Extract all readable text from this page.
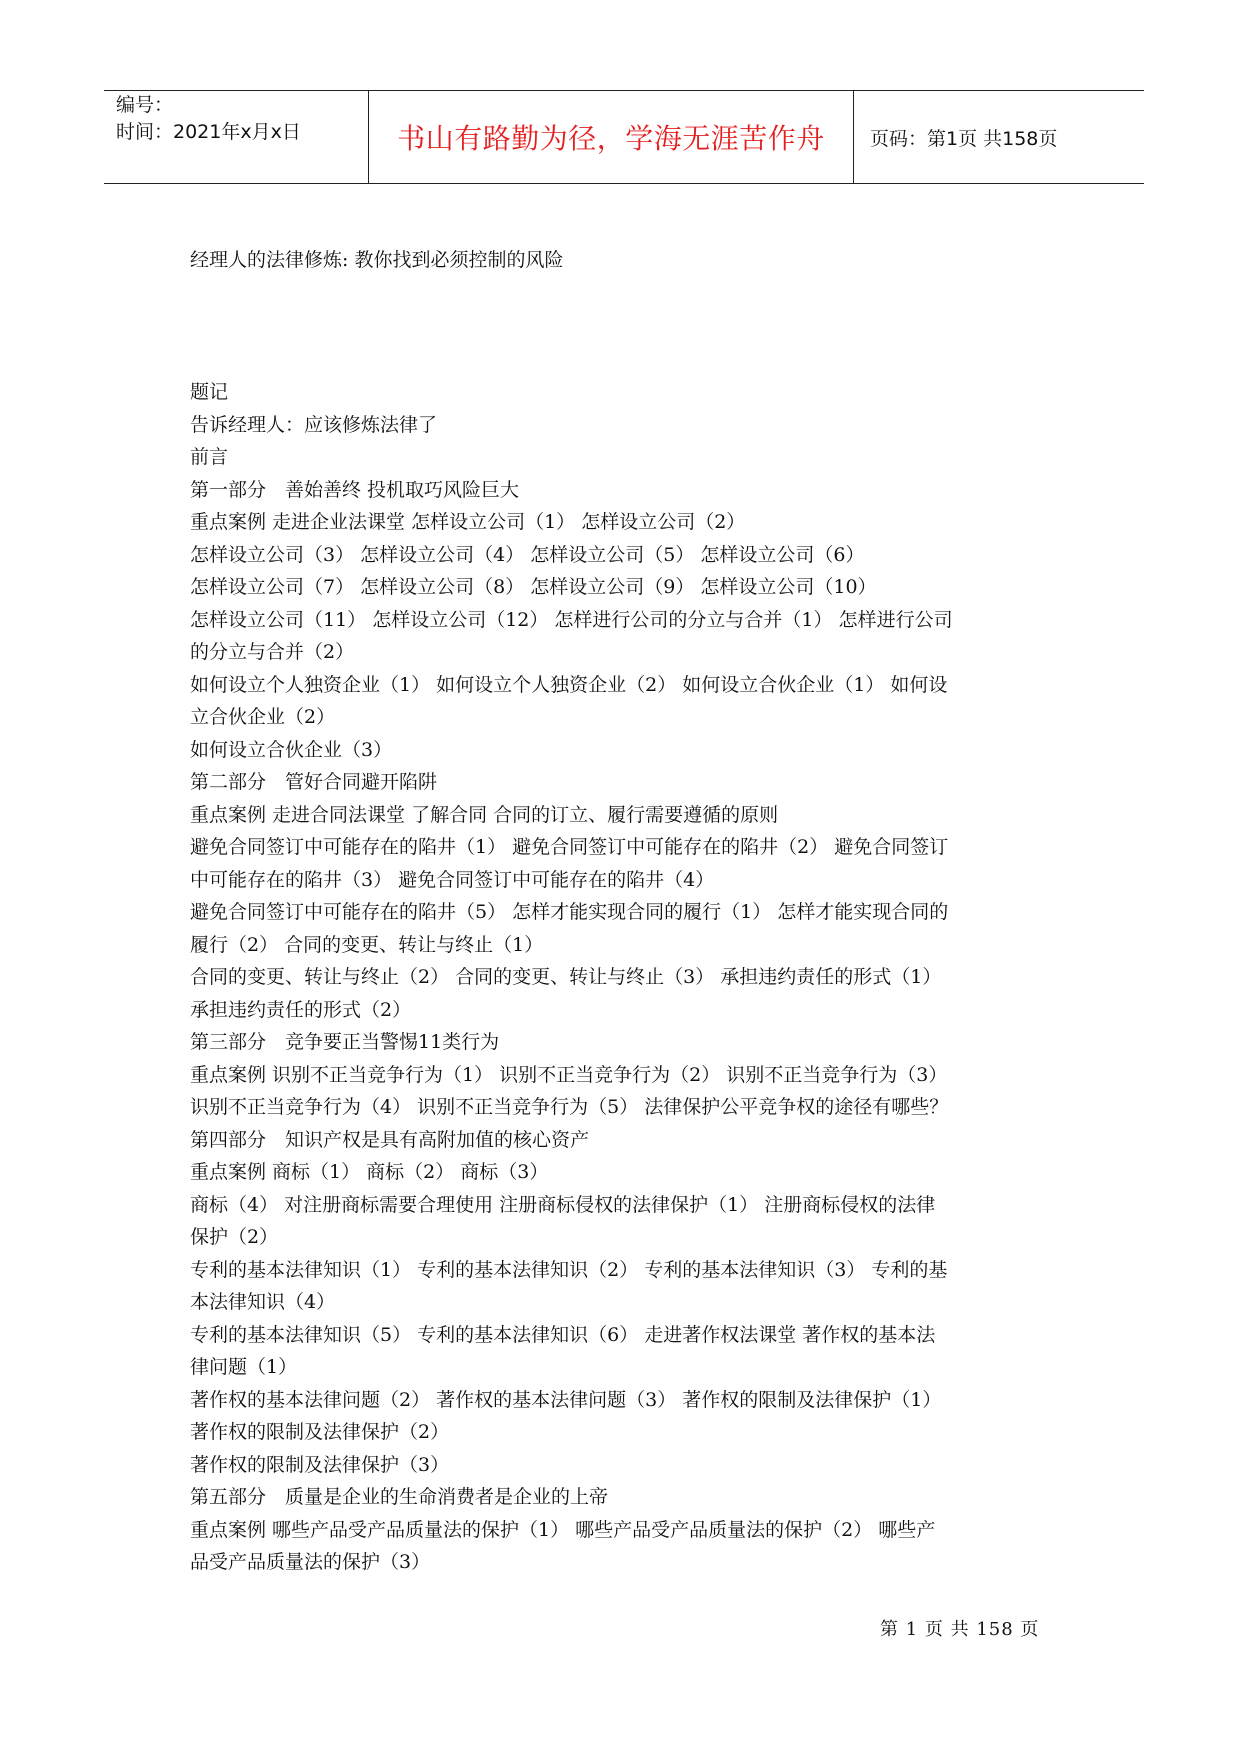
编号：
时间：2021年x月x日	书山有路勤为径，学海无涯苦作舟 页码：第1页 共158页
经理人的法律修炼: 教你找到必须控制的风险
题记
告诉经理人：应该修炼法律了
前言
第一部分　善始善终 投机取巧风险巨大
重点案例 走进企业法课堂 怎样设立公司（1） 怎样设立公司（2）
怎样设立公司（3） 怎样设立公司（4） 怎样设立公司（5） 怎样设立公司（6）
怎样设立公司（7） 怎样设立公司（8） 怎样设立公司（9） 怎样设立公司（10）
怎样设立公司（11） 怎样设立公司（12） 怎样进行公司的分立与合并（1） 怎样进行公司
的分立与合并（2）
如何设立个人独资企业（1） 如何设立个人独资企业（2） 如何设立合伙企业（1） 如何设
立合伙企业（2）
如何设立合伙企业（3）
第二部分　管好合同避开陷阱
重点案例 走进合同法课堂 了解合同 合同的订立、履行需要遵循的原则
避免合同签订中可能存在的陷井（1） 避免合同签订中可能存在的陷井（2） 避免合同签订
中可能存在的陷井（3） 避免合同签订中可能存在的陷井（4）
避免合同签订中可能存在的陷井（5） 怎样才能实现合同的履行（1） 怎样才能实现合同的
履行（2） 合同的变更、转让与终止（1）
合同的变更、转让与终止（2） 合同的变更、转让与终止（3） 承担违约责任的形式（1）
承担违约责任的形式（2）
第三部分　竞争要正当警惕11类行为
重点案例 识别不正当竞争行为（1） 识别不正当竞争行为（2） 识别不正当竞争行为（3）
识别不正当竞争行为（4） 识别不正当竞争行为（5） 法律保护公平竞争权的途径有哪些？
第四部分　知识产权是具有高附加值的核心资产
重点案例 商标（1） 商标（2） 商标（3）
商标（4） 对注册商标需要合理使用 注册商标侵权的法律保护（1） 注册商标侵权的法律
保护（2）
专利的基本法律知识（1） 专利的基本法律知识（2） 专利的基本法律知识（3） 专利的基
本法律知识（4）
专利的基本法律知识（5） 专利的基本法律知识（6） 走进著作权法课堂 著作权的基本法
律问题（1）
著作权的基本法律问题（2） 著作权的基本法律问题（3） 著作权的限制及法律保护（1）
著作权的限制及法律保护（2）
著作权的限制及法律保护（3）
第五部分　质量是企业的生命消费者是企业的上帝
重点案例 哪些产品受产品质量法的保护（1） 哪些产品受产品质量法的保护（2） 哪些产
品受产品质量法的保护（3）
第 1 页 共 158 页
